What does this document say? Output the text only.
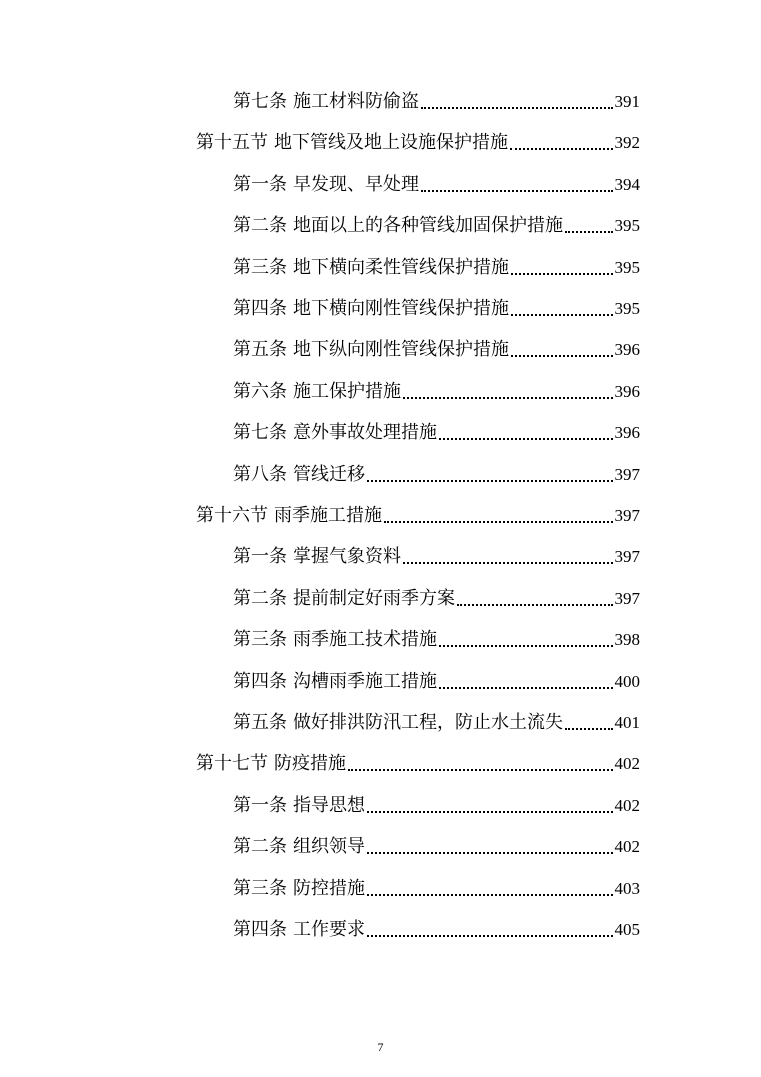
第七条 施工材料防偷盗	391
第十五节 地下管线及地上设施保护措施	392
第一条 早发现、早处理	394
第二条 地面以上的各种管线加固保护措施	395
第三条 地下横向柔性管线保护措施	395
第四条 地下横向刚性管线保护措施	395
第五条 地下纵向刚性管线保护措施	396
第六条 施工保护措施	396
第七条 意外事故处理措施	396
第八条 管线迁移	397
第十六节 雨季施工措施	397
第一条 掌握气象资料	397
第二条 提前制定好雨季方案	397
第三条 雨季施工技术措施	398
第四条 沟槽雨季施工措施	400
第五条 做好排洪防汛工程，防止水土流失	401
第十七节 防疫措施	402
第一条 指导思想	402
第二条 组织领导	402
第三条 防控措施	403
第四条 工作要求	405
7
